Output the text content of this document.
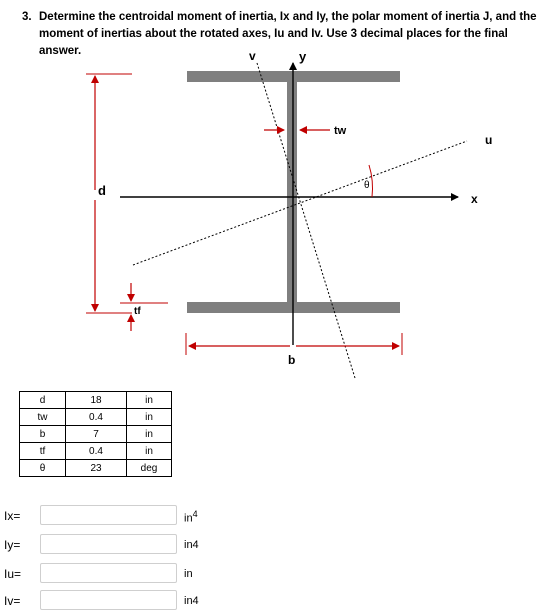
3. Determine the centroidal moment of inertia, Ix and Iy, the polar moment of inertia J, and the moment of inertias about the rotated axes, Iu and Iv. Use 3 decimal places for the final answer.	v	y
u
x
d
tf
tw
b
θ
d	18	in
tw	0.4	in
b	7	in
tf	0.4	in
θ	23	deg
Ix=	$in^4$
Iy=	in4
Iu=	in
Iv=	in4
